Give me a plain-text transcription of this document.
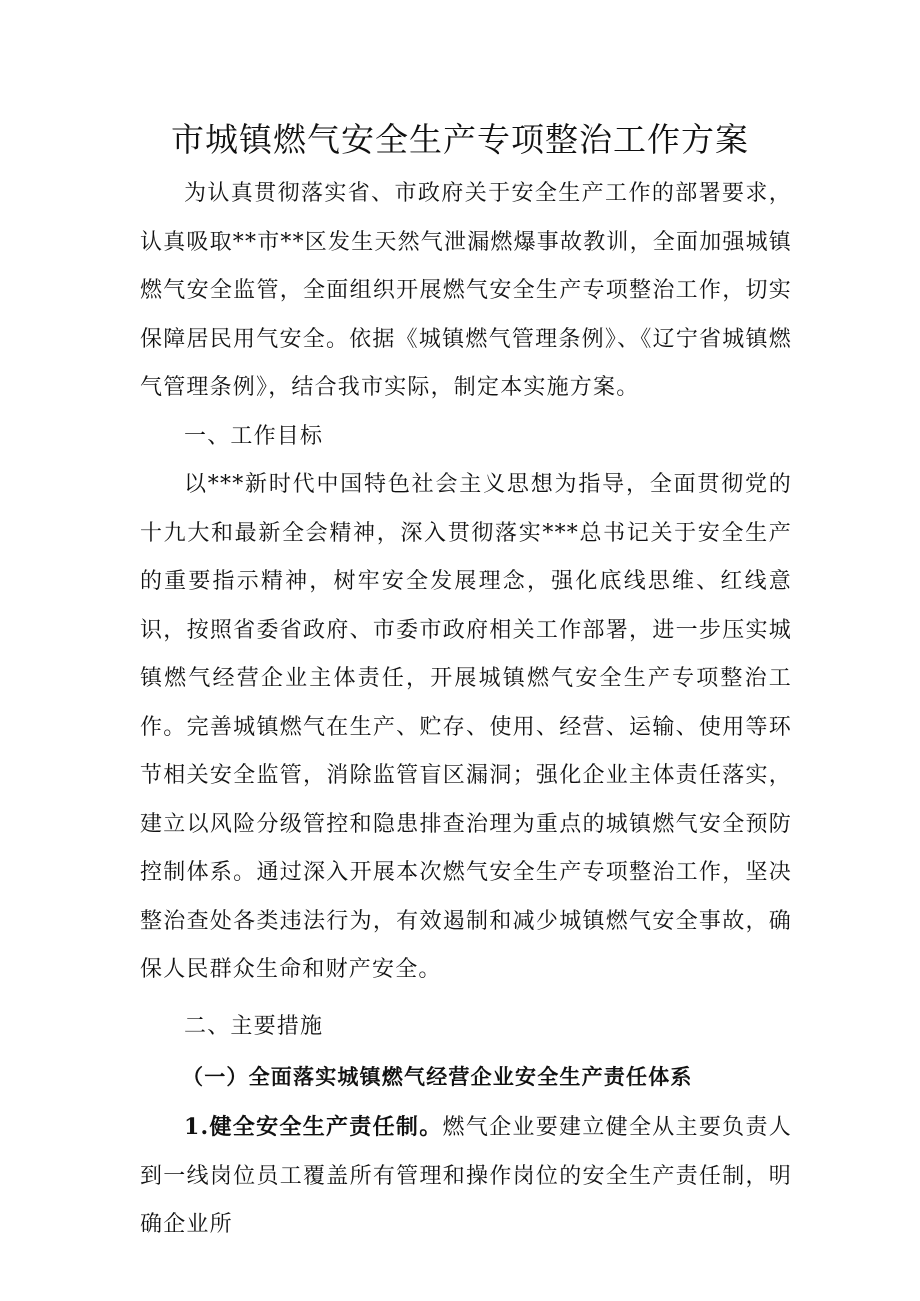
市城镇燃气安全生产专项整治工作方案

为认真贯彻落实省、市政府关于安全生产工作的部署要求，认真吸取**市**区发生天然气泄漏燃爆事故教训，全面加强城镇燃气安全监管，全面组织开展燃气安全生产专项整治工作，切实保障居民用气安全。依据《城镇燃气管理条例》、《辽宁省城镇燃气管理条例》，结合我市实际，制定本实施方案。

一、工作目标

以***新时代中国特色社会主义思想为指导，全面贯彻党的十九大和最新全会精神，深入贯彻落实***总书记关于安全生产的重要指示精神，树牢安全发展理念，强化底线思维、红线意识，按照省委省政府、市委市政府相关工作部署，进一步压实城镇燃气经营企业主体责任，开展城镇燃气安全生产专项整治工作。完善城镇燃气在生产、贮存、使用、经营、运输、使用等环节相关安全监管，消除监管盲区漏洞；强化企业主体责任落实，建立以风险分级管控和隐患排查治理为重点的城镇燃气安全预防控制体系。通过深入开展本次燃气安全生产专项整治工作，坚决整治查处各类违法行为，有效遏制和减少城镇燃气安全事故，确保人民群众生命和财产安全。

二、主要措施

（一）全面落实城镇燃气经营企业安全生产责任体系

1.健全安全生产责任制。燃气企业要建立健全从主要负责人到一线岗位员工覆盖所有管理和操作岗位的安全生产责任制，明确企业所
